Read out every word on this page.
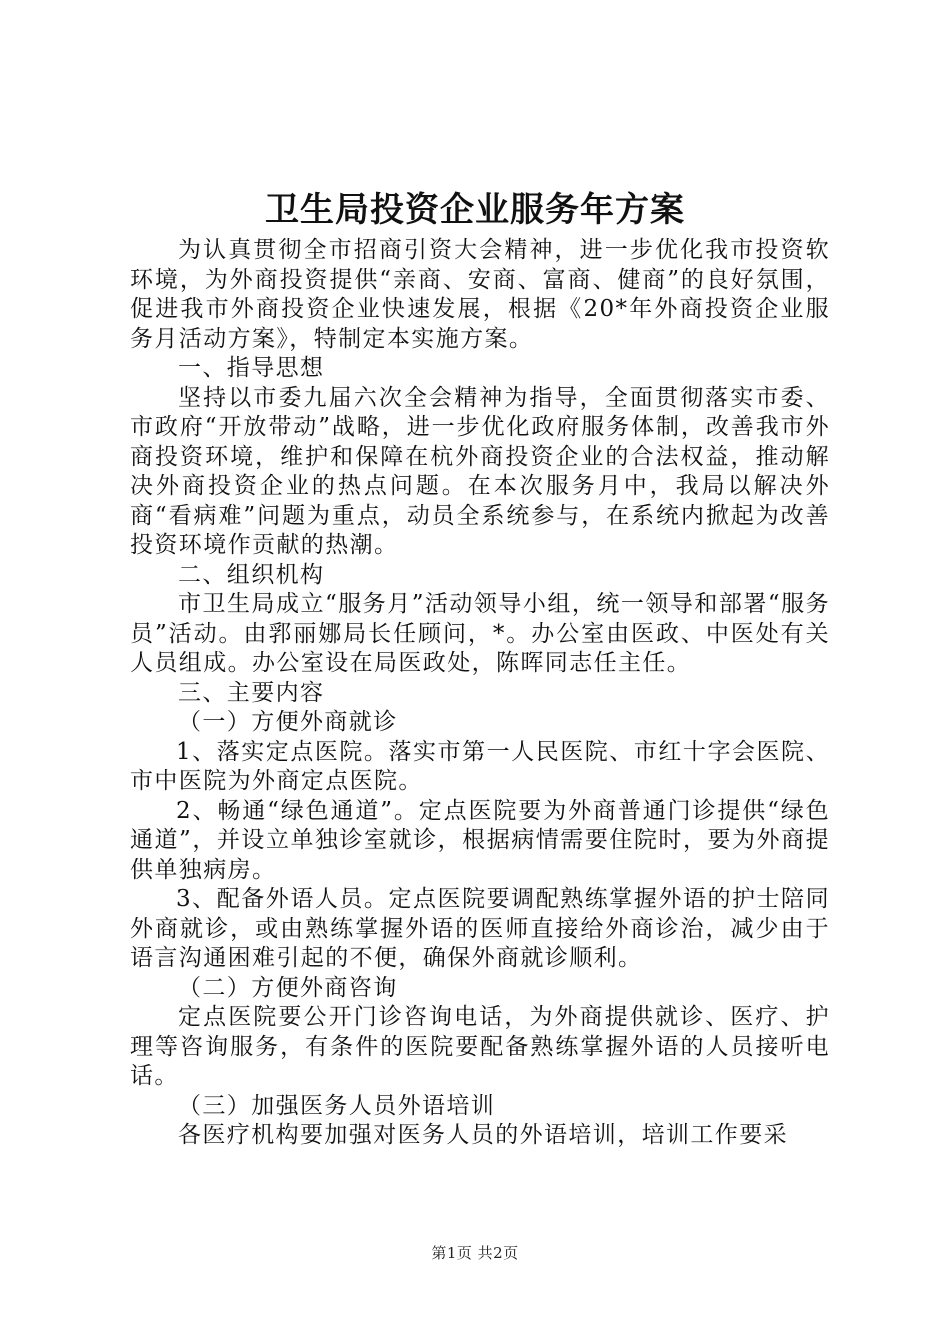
卫生局投资企业服务年方案

为认真贯彻全市招商引资大会精神，进一步优化我市投资软环境，为外商投资提供“亲商、安商、富商、健商”的良好氛围，促进我市外商投资企业快速发展，根据《20*年外商投资企业服务月活动方案》，特制定本实施方案。

一、指导思想

坚持以市委九届六次全会精神为指导，全面贯彻落实市委、市政府“开放带动”战略，进一步优化政府服务体制，改善我市外商投资环境，维护和保障在杭外商投资企业的合法权益，推动解决外商投资企业的热点问题。在本次服务月中，我局以解决外商“看病难”问题为重点，动员全系统参与，在系统内掀起为改善投资环境作贡献的热潮。

二、组织机构

市卫生局成立“服务月”活动领导小组，统一领导和部署“服务员”活动。由郛丽娜局长任顾问，*。办公室由医政、中医处有关人员组成。办公室设在局医政处，陈晖同志任主任。

三、主要内容

（一）方便外商就诊

1、落实定点医院。落实市第一人民医院、市红十字会医院、市中医院为外商定点医院。

2、畅通“绿色通道”。定点医院要为外商普通门诊提供“绿色通道”，并设立单独诊室就诊，根据病情需要住院时，要为外商提供单独病房。

3、配备外语人员。定点医院要调配熟练掌握外语的护士陪同外商就诊，或由熟练掌握外语的医师直接给外商诊治，减少由于语言沟通困难引起的不便，确保外商就诊顺利。

（二）方便外商咨询

定点医院要公开门诊咨询电话，为外商提供就诊、医疗、护理等咨询服务，有条件的医院要配备熟练掌握外语的人员接听电话。

（三）加强医务人员外语培训

各医疗机构要加强对医务人员的外语培训，培训工作要采

第1页 共2页
